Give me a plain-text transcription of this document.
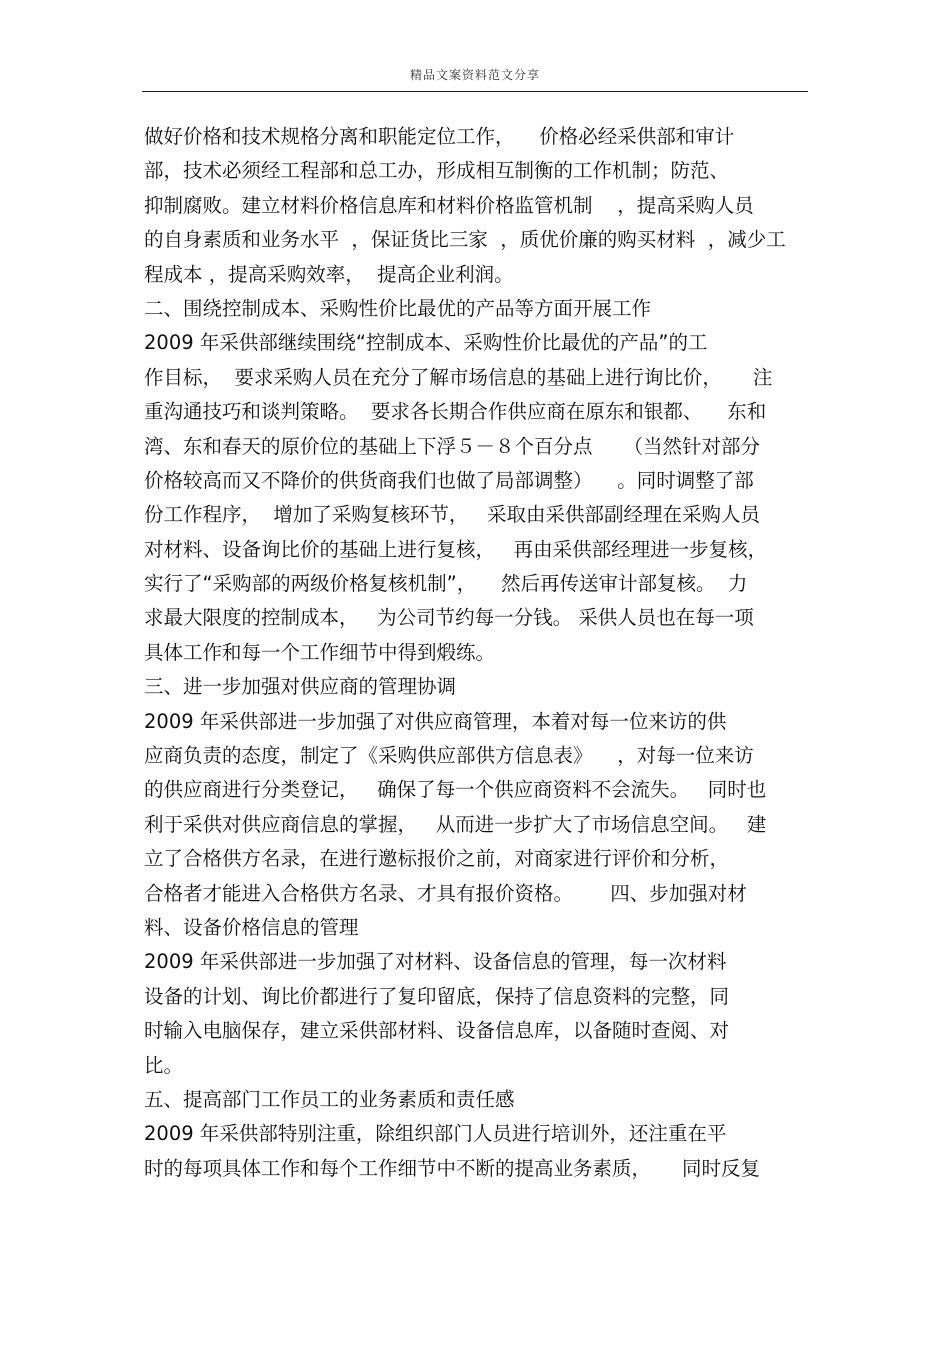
精品文案资料范文分享
做好价格和技术规格分离和职能定位工作，    价格必经采供部和审计
部，技术必须经工程部和总工办，形成相互制衡的工作机制；防范、
抑制腐败。建立材料价格信息库和材料价格监管机制    ，提高采购人员
的自身素质和业务水平  ，保证货比三家  ，质优价廉的购买材料  ，减少工
程成本 ，提高采购效率，  提高企业利润。
二、围绕控制成本、采购性价比最优的产品等方面开展工作
2009 年采供部继续围绕“控制成本、采购性价比最优的产品”的工
作目标，  要求采购人员在充分了解市场信息的基础上进行询比价，     注
重沟通技巧和谈判策略。  要求各长期合作供应商在原东和银都、    东和
湾、东和春天的原价位的基础上下浮５－８个百分点     （当然针对部分
价格较高而又不降价的供货商我们也做了局部调整）    。同时调整了部
份工作程序，  增加了采购复核环节，   采取由采供部副经理在采购人员
对材料、设备询比价的基础上进行复核，   再由采供部经理进一步复核，
实行了“采购部的两级价格复核机制”，    然后再传送审计部复核。  力
求最大限度的控制成本，   为公司节约每一分钱。 采供人员也在每一项
具体工作和每一个工作细节中得到煅练。
三、进一步加强对供应商的管理协调
2009 年采供部进一步加强了对供应商管理，本着对每一位来访的供
应商负责的态度，制定了《采购供应部供方信息表》    ，对每一位来访
的供应商进行分类登记，   确保了每一个供应商资料不会流失。   同时也
利于采供对供应商信息的掌握，   从而进一步扩大了市场信息空间。   建
立了合格供方名录，在进行邀标报价之前，对商家进行评价和分析，
合格者才能进入合格供方名录、才具有报价资格。      四、步加强对材
料、设备价格信息的管理
2009 年采供部进一步加强了对材料、设备信息的管理，每一次材料
设备的计划、询比价都进行了复印留底，保持了信息资料的完整，同
时输入电脑保存，建立采供部材料、设备信息库，以备随时查阅、对
比。
五、提高部门工作员工的业务素质和责任感
2009 年采供部特别注重，除组织部门人员进行培训外，还注重在平
时的每项具体工作和每个工作细节中不断的提高业务素质，     同时反复
